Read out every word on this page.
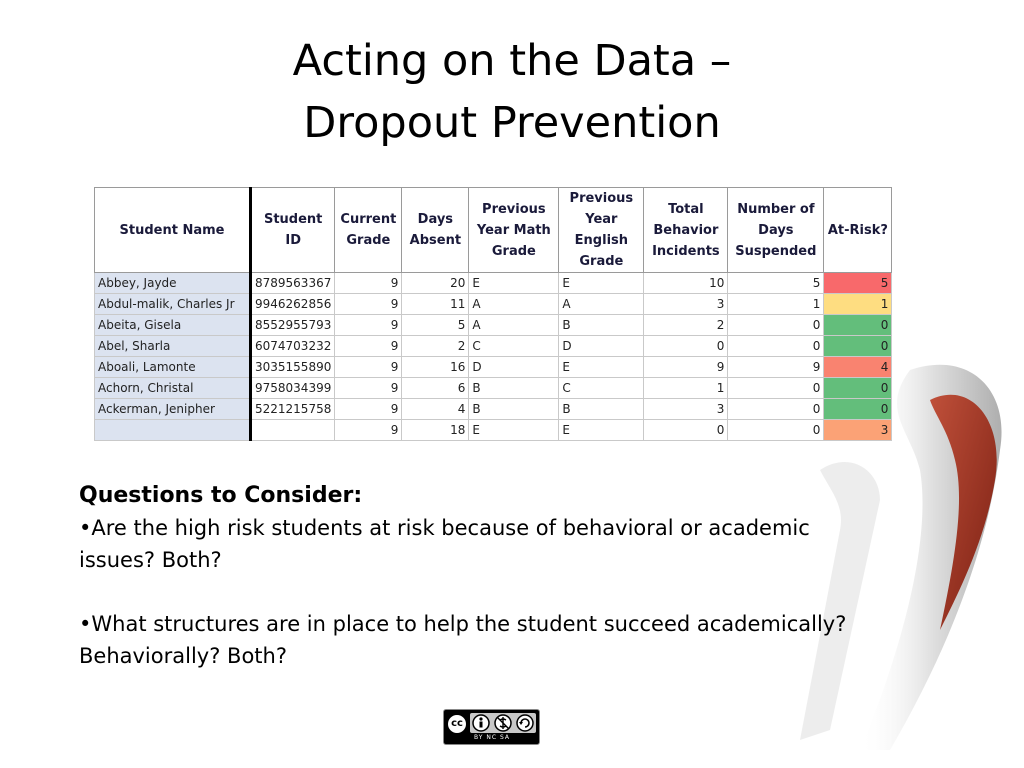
Acting on the Data –
Dropout Prevention
Student Name	Student ID	Current Grade	Days Absent	Previous Year Math Grade	Previous Year English Grade	Total Behavior Incidents	Number of Days Suspended	At-Risk?
Abbey, Jayde	8789563367	9	20	E	E	10	5	5
Abdul-malik, Charles Jr	9946262856	9	11	A	A	3	1	1
Abeita, Gisela	8552955793	9	5	A	B	2	0	0
Abel, Sharla	6074703232	9	2	C	D	0	0	0
Aboali, Lamonte	3035155890	9	16	D	E	9	9	4
Achorn, Christal	9758034399	9	6	B	C	1	0	0
Ackerman, Jenipher	5221215758	9	4	B	B	3	0	0
		9	18	E	E	0	0	3

Questions to Consider:

•Are the high risk students at risk because of behavioral or academic

issues? Both?

•What structures are in place to help the student succeed academically?

Behaviorally? Both?

cc
BY NC SA
